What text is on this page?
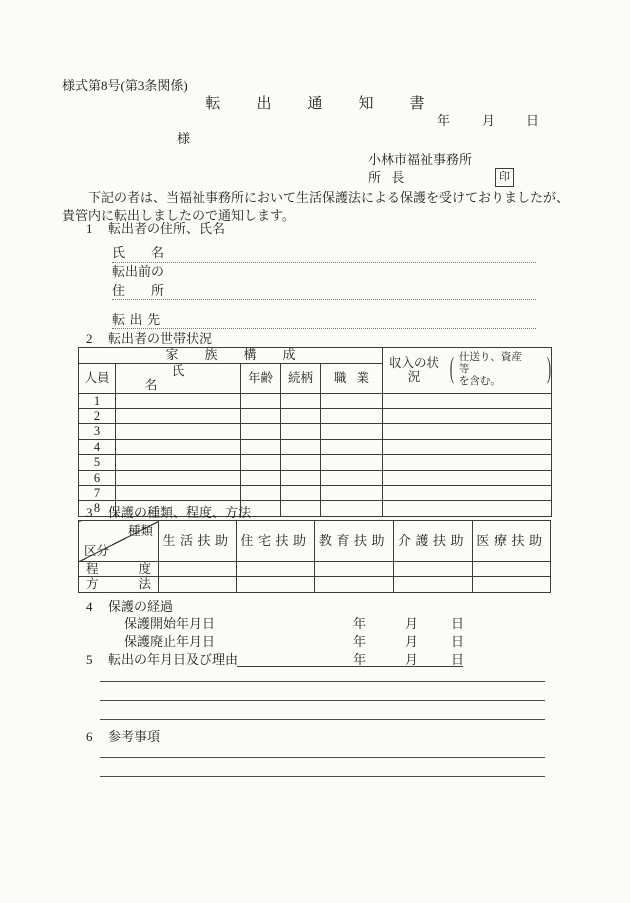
様式第8号(第3条関係)
転出通知書
年 月 日
様
小林市福祉事務所
所長	印
下記の者は、当福祉事務所において生活保護法による保護を受けておりましたが、貴管内に転出しましたので通知します。
1 転出者の住所、氏名
氏名
転出前の
住所
転出先
2 転出者の世帯状況
家族構成					収入の状況 ( 仕送り、資産　等
を含む。 )

人員	氏名	年齢	続柄	職業	
1					
2					
3					
4					
5					
6					
7					
8					
3 保護の種類、程度、方法
種類
区分	生活扶助	住宅扶助	教育扶助	介護扶助	医療扶助

程 度					

方 法					

4 保護の経過
保護開始年月日	年	月	日
保護廃止年月日	年	月	日
5 転出の年月日及び理由	年	月	日
6 参考事項
